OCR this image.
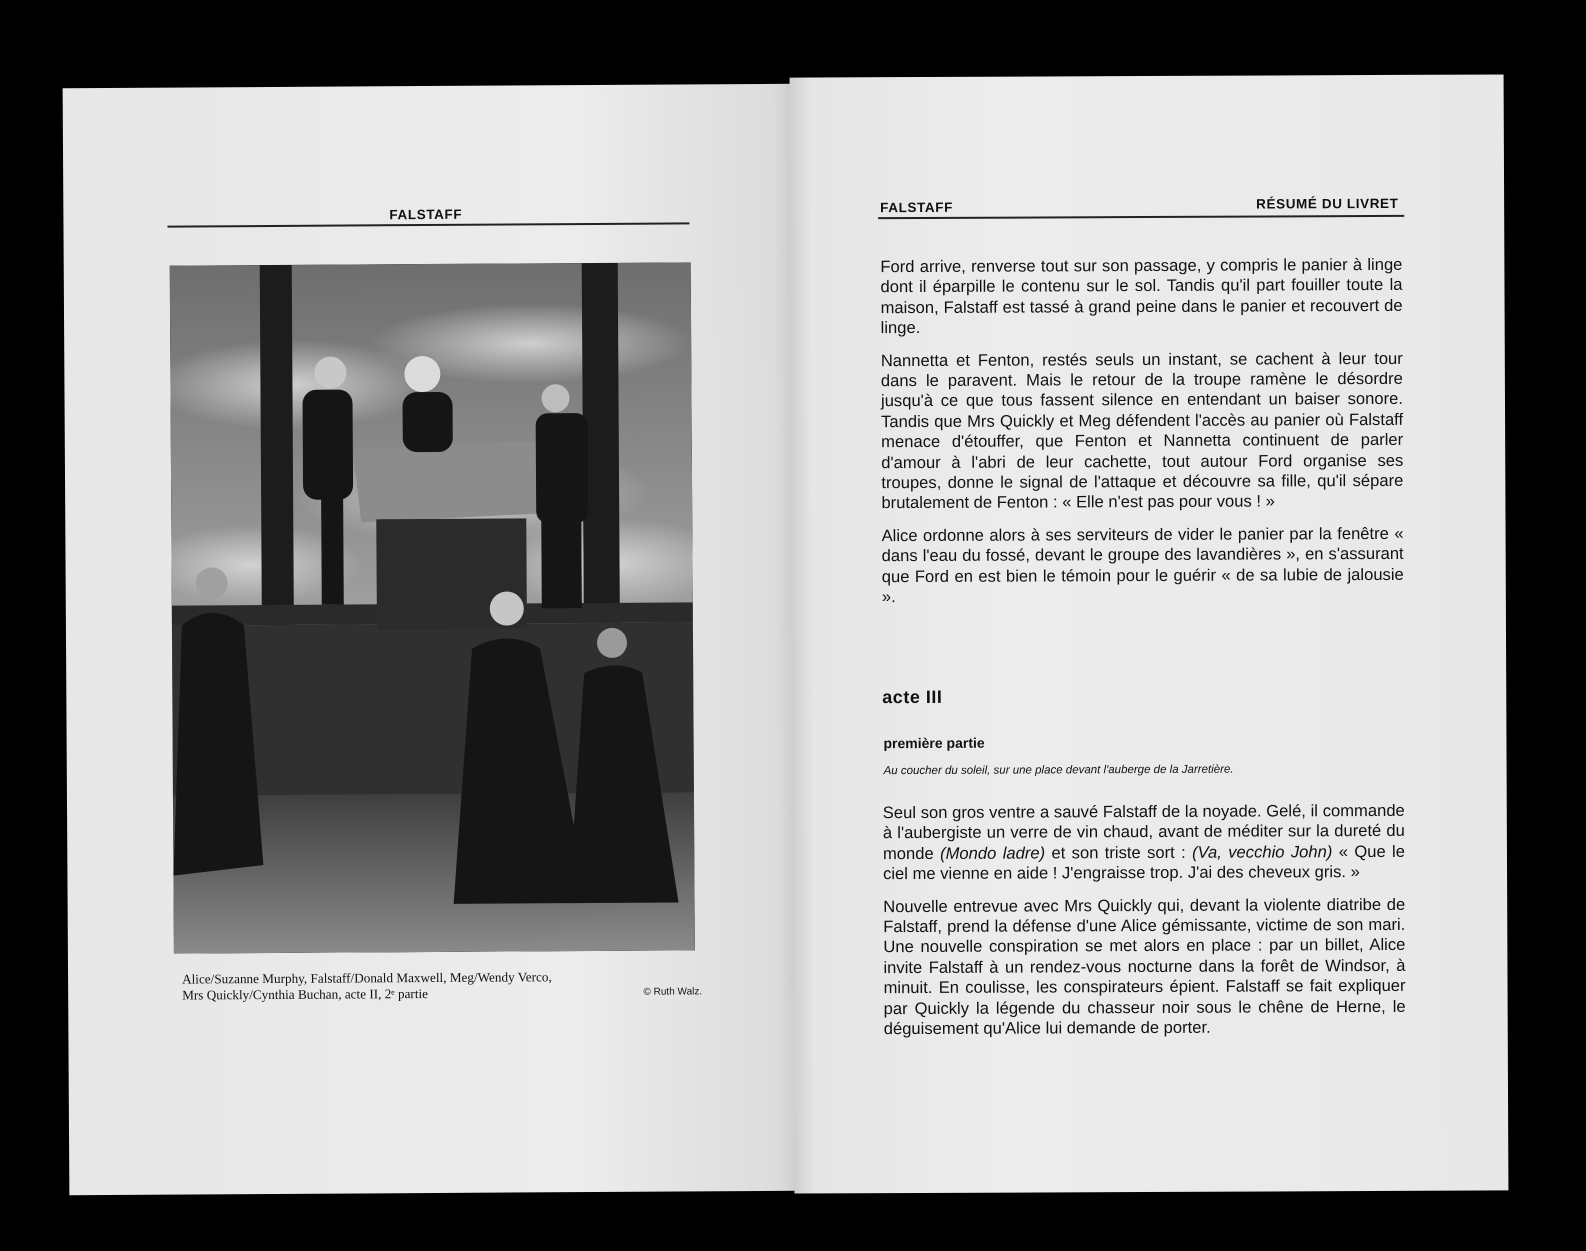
FALSTAFF
Alice/Suzanne Murphy, Falstaff/Donald Maxwell, Meg/Wendy Verco,
Mrs Quickly/Cynthia Buchan, acte II, 2ᵉ partie	© Ruth Walz.
FALSTAFF	RÉSUMÉ DU LIVRET

Ford arrive, renverse tout sur son passage, y compris le panier à linge dont il éparpille le contenu sur le sol. Tandis qu'il part fouiller toute la maison, Falstaff est tassé à grand peine dans le panier et recouvert de linge.

Nannetta et Fenton, restés seuls un instant, se cachent à leur tour dans le paravent. Mais le retour de la troupe ramène le désordre jusqu'à ce que tous fassent silence en entendant un baiser sonore. Tandis que Mrs Quickly et Meg défendent l'accès au panier où Falstaff menace d'étouffer, que Fenton et Nannetta continuent de parler d'amour à l'abri de leur cachette, tout autour Ford organise ses troupes, donne le signal de l'attaque et découvre sa fille, qu'il sépare brutalement de Fenton : « Elle n'est pas pour vous ! »

Alice ordonne alors à ses serviteurs de vider le panier par la fenêtre « dans l'eau du fossé, devant le groupe des lavandières », en s'assurant que Ford en est bien le témoin pour le guérir « de sa lubie de jalousie ».

acte III
première partie
Au coucher du soleil, sur une place devant l'auberge de la Jarretière.

Seul son gros ventre a sauvé Falstaff de la noyade. Gelé, il commande à l'aubergiste un verre de vin chaud, avant de méditer sur la dureté du monde (Mondo ladre) et son triste sort : (Va, vecchio John) « Que le ciel me vienne en aide ! J'engraisse trop. J'ai des cheveux gris. »

Nouvelle entrevue avec Mrs Quickly qui, devant la violente diatribe de Falstaff, prend la défense d'une Alice gémissante, victime de son mari. Une nouvelle conspiration se met alors en place : par un billet, Alice invite Falstaff à un rendez-vous nocturne dans la forêt de Windsor, à minuit. En coulisse, les conspirateurs épient. Falstaff se fait expliquer par Quickly la légende du chasseur noir sous le chêne de Herne, le déguisement qu'Alice lui demande de porter.
